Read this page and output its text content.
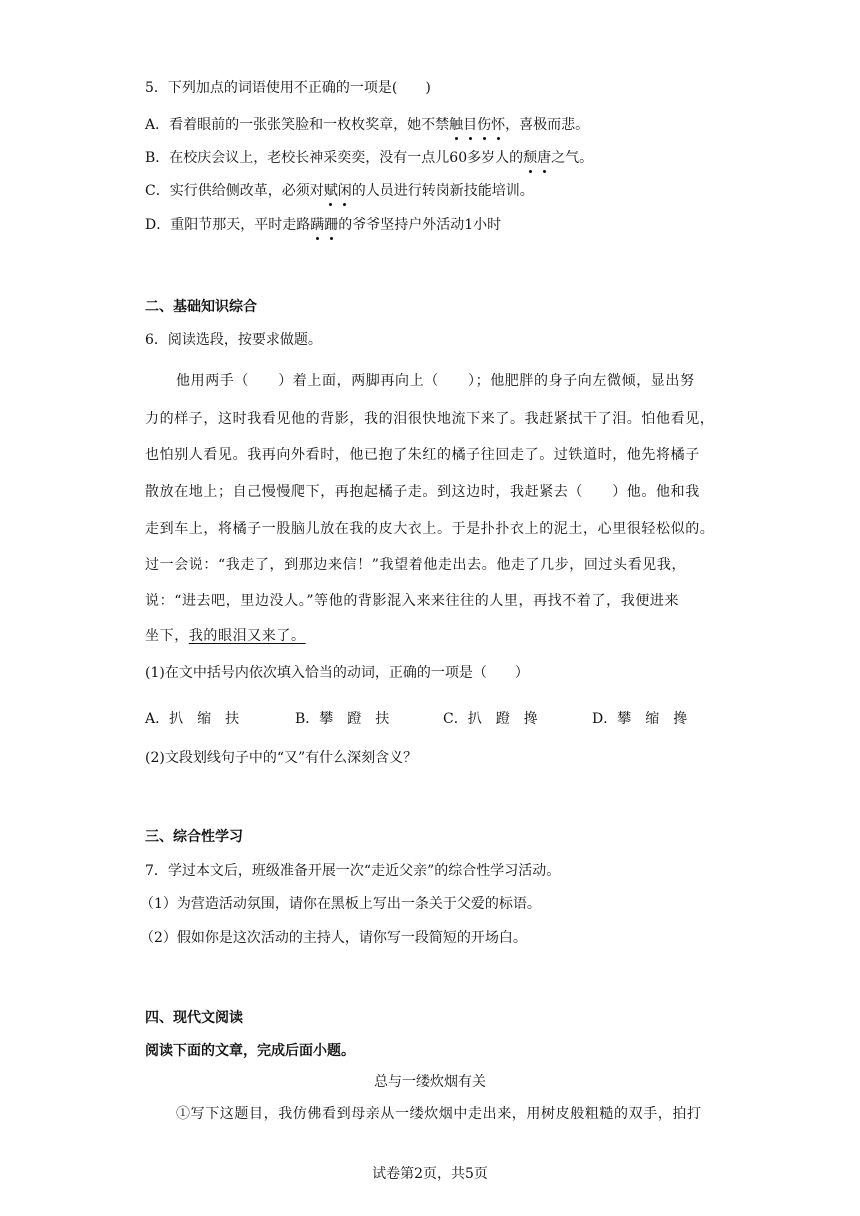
5．下列加点的词语使用不正确的一项是(　　)
A．看着眼前的一张张笑脸和一枚枚奖章，她不禁触目伤怀，喜极而悲。
B．在校庆会议上，老校长神采奕奕，没有一点儿60多岁人的颓唐之气。
C．实行供给侧改革，必须对赋闲的人员进行转岗新技能培训。
D．重阳节那天，平时走路蹒跚的爷爷坚持户外活动1小时
二、基础知识综合
6．阅读选段，按要求做题。
他用两手（　　）着上面，两脚再向上（　　）；他肥胖的身子向左微倾，显出努
力的样子，这时我看见他的背影，我的泪很快地流下来了。我赶紧拭干了泪。怕他看见，
也怕别人看见。我再向外看时，他已抱了朱红的橘子往回走了。过铁道时，他先将橘子
散放在地上；自己慢慢爬下，再抱起橘子走。到这边时，我赶紧去（　　）他。他和我
走到车上，将橘子一股脑儿放在我的皮大衣上。于是扑扑衣上的泥土，心里很轻松似的。
过一会说：“我走了，到那边来信！”我望着他走出去。他走了几步，回过头看见我，
说：“进去吧，里边没人。”等他的背影混入来来往往的人里，再找不着了，我便进来
坐下，我的眼泪又来了。
(1)在文中括号内依次填入恰当的动词，正确的一项是（　　）
A．扒　缩　扶	B．攀　蹬　扶	C．扒　蹬　搀	D．攀　缩　搀
(2)文段划线句子中的“又”有什么深刻含义？
三、综合性学习
7．学过本文后，班级准备开展一次“走近父亲”的综合性学习活动。
（1）为营造活动氛围，请你在黑板上写出一条关于父爱的标语。
（2）假如你是这次活动的主持人，请你写一段简短的开场白。
四、现代文阅读
阅读下面的文章，完成后面小题。
总与一缕炊烟有关
①写下这题目，我仿佛看到母亲从一缕炊烟中走出来，用树皮般粗糙的双手，拍打
试卷第2页，共5页
